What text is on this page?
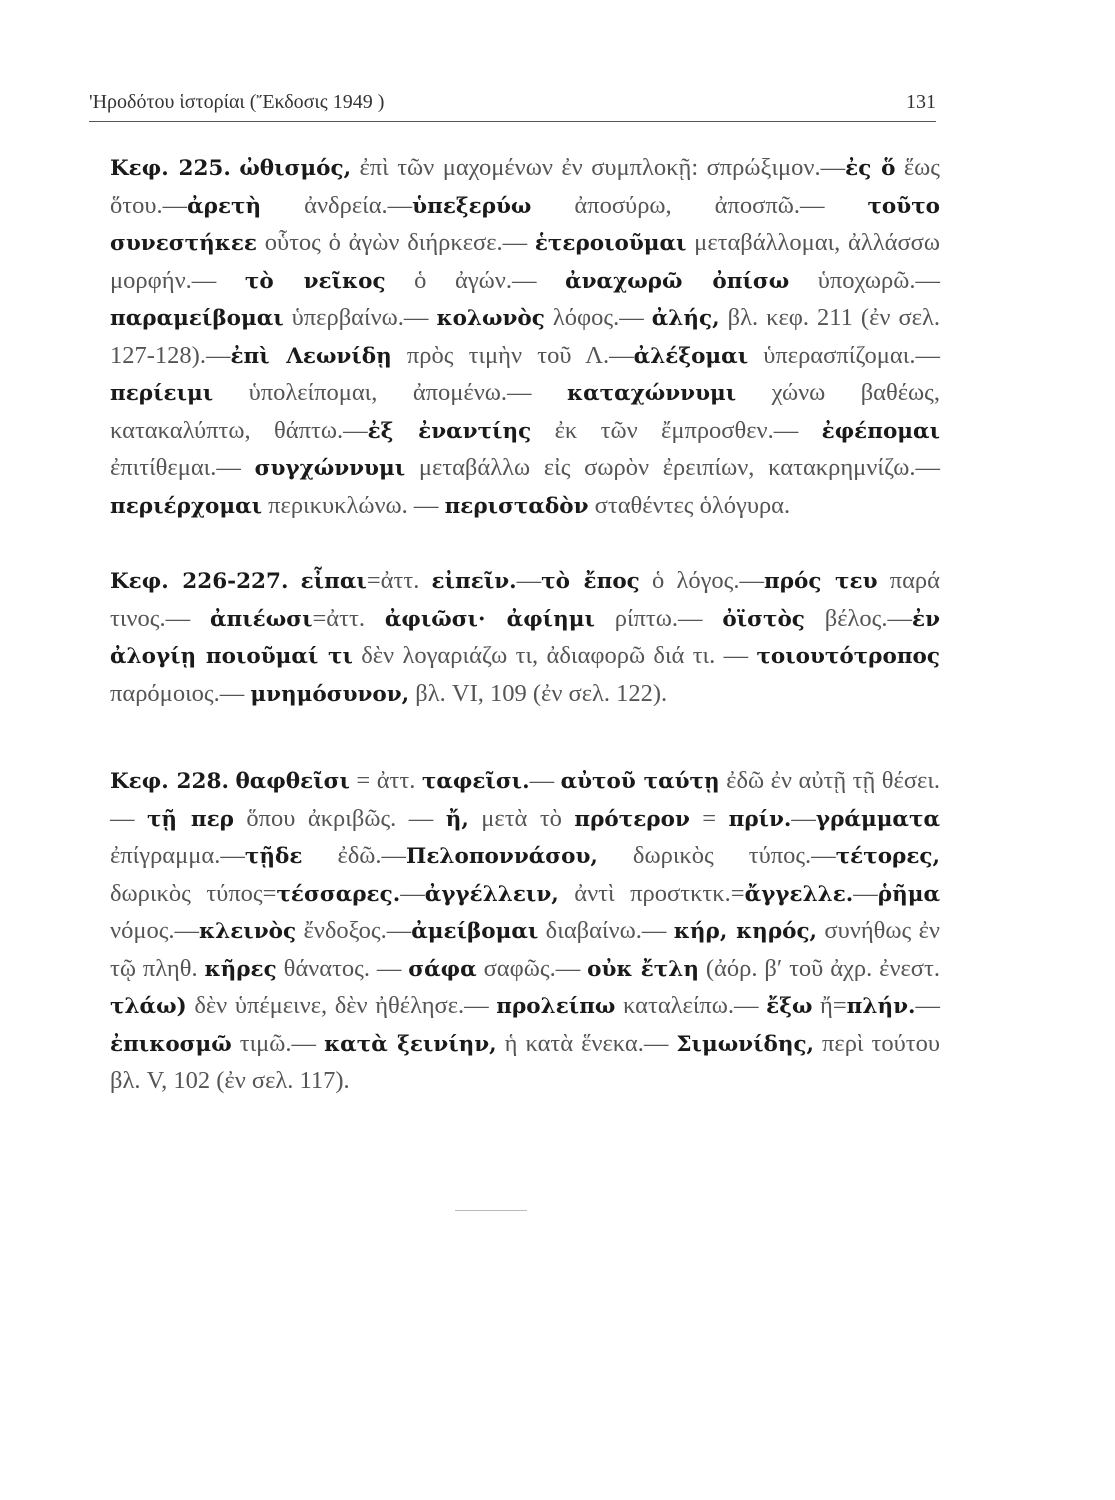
'Ηροδότου ἱστορίαι (Ἔκδοσις 1949 )	131
Κεφ. 225. ὠθισμός, ἐπὶ τῶν μαχομένων ἐν συμπλοκῇ: σπρώξιμον.—ἐς ὅ ἕως ὅτου.—ἀρετὴ ἀνδρεία.—ὑπεξερύω ἀποσύρω, ἀποσπῶ.— τοῦτο συνεστήκεε οὗτος ὁ ἀγὼν διήρκεσε.— ἑτεροιοῦμαι μεταβάλλομαι, ἀλλάσσω μορφήν.— τὸ νεῖκος ὁ ἀγών.— ἀναχωρῶ ὀπίσω ὑποχωρῶ.—παραμείβομαι ὑπερβαίνω.— κολωνὸς λόφος.— ἀλής, βλ. κεφ. 211 (ἐν σελ. 127-128).—ἐπὶ Λεωνίδῃ πρὸς τιμὴν τοῦ Λ.—ἀλέξομαι ὑπερασπίζομαι.— περίειμι ὑπολείπομαι, ἀπομένω.— καταχώννυμι χώνω βαθέως, κατακαλύπτω, θάπτω.—ἐξ ἐναντίης ἐκ τῶν ἔμπροσθεν.— ἐφέπομαι ἐπιτίθεμαι.— συγχώννυμι μεταβάλλω εἰς σωρὸν ἐρειπίων, κατακρημνίζω.— περιέρχομαι περικυκλώνω. — περισταδὸν σταθέντες ὁλόγυρα.
Κεφ. 226-227. εἶπαι=ἀττ. εἰπεῖν.—τὸ ἔπος ὁ λόγος.—πρός τευ παρά τινος.— ἀπιέωσι=ἀττ. ἀφιῶσι· ἀφίημι ρίπτω.— ὀϊστὸς βέλος.—ἐν ἀλογίῃ ποιοῦμαί τι δὲν λογαριάζω τι, ἀδιαφορῶ διά τι. — τοιουτότροπος παρόμοιος.— μνημόσυνον, βλ. VI, 109 (ἐν σελ. 122).
Κεφ. 228. θαφθεῖσι = ἀττ. ταφεῖσι.— αὐτοῦ ταύτῃ ἐδῶ ἐν αὐτῇ τῇ θέσει.— τῇ περ ὅπου ἀκριβῶς. — ἤ, μετὰ τὸ πρότερον = πρίν.—γράμματα ἐπίγραμμα.—τῇδε ἐδῶ.—Πελοποννάσου, δωρικὸς τύπος.—τέτορες, δωρικὸς τύπος=τέσσαρες.—ἀγγέλλειν, ἀντὶ προστκτκ.=ἄγγελλε.—ῥῆμα νόμος.—κλεινὸς ἔνδοξος.—ἀμείβομαι διαβαίνω.— κήρ, κηρός, συνήθως ἐν τῷ πληθ. κῆρες θάνατος. — σάφα σαφῶς.— οὐκ ἔτλη (ἀόρ. β′ τοῦ ἀχρ. ἐνεστ. τλάω) δὲν ὑπέμεινε, δὲν ἠθέλησε.— προλείπω καταλείπω.— ἔξω ἤ=πλήν.—ἐπικοσμῶ τιμῶ.— κατὰ ξεινίην, ἡ κατὰ ἕνεκα.— Σιμωνίδης, περὶ τούτου βλ. V, 102 (ἐν σελ. 117).
